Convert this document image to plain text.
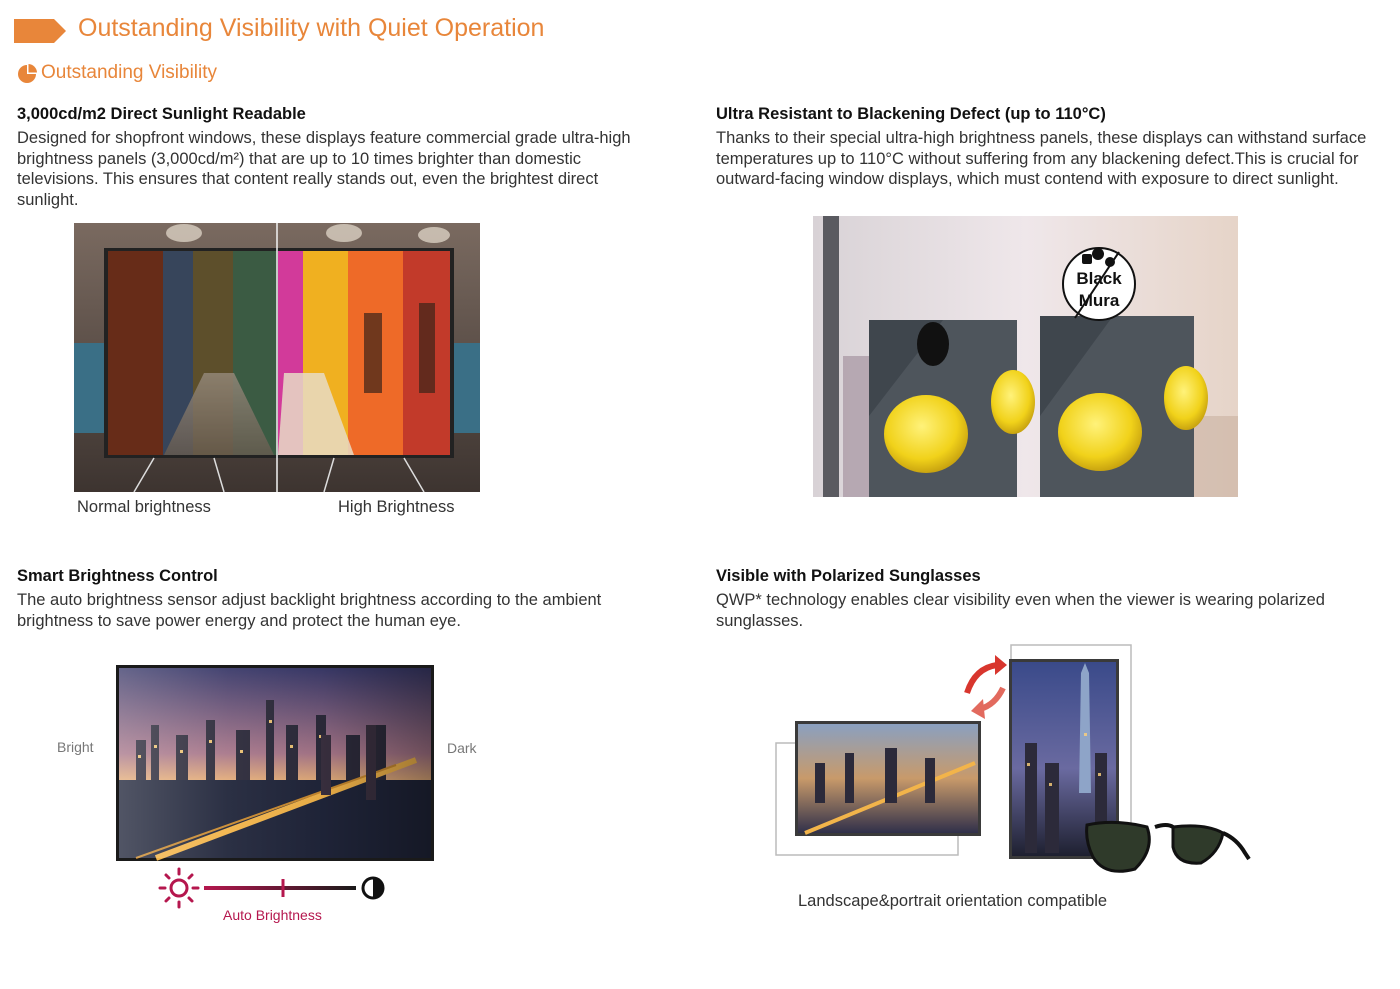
Outstanding Visibility with Quiet Operation
Outstanding Visibility
3,000cd/m2 Direct Sunlight Readable
Designed for shopfront windows, these displays feature commercial grade ultra-high brightness panels (3,000cd/m²) that are up to 10 times brighter than domestic televisions. This ensures that content really stands out, even the brightest direct sunlight.
Normal brightness	High Brightness
Ultra Resistant to Blackening Defect (up to 110°C)
Thanks to their special ultra-high brightness panels, these displays can withstand surface temperatures up to 110°C without suffering from any blackening defect.This is crucial for outward-facing window displays, which must contend with exposure to direct sunlight.
Black
Mura
Smart Brightness Control
The auto brightness sensor adjust backlight brightness according to the ambient brightness to save power energy and protect the human eye.
Bright	Dark
Auto Brightness
Visible with Polarized Sunglasses
QWP* technology enables clear visibility even when the viewer is wearing polarized sunglasses.
Landscape&portrait orientation compatible
